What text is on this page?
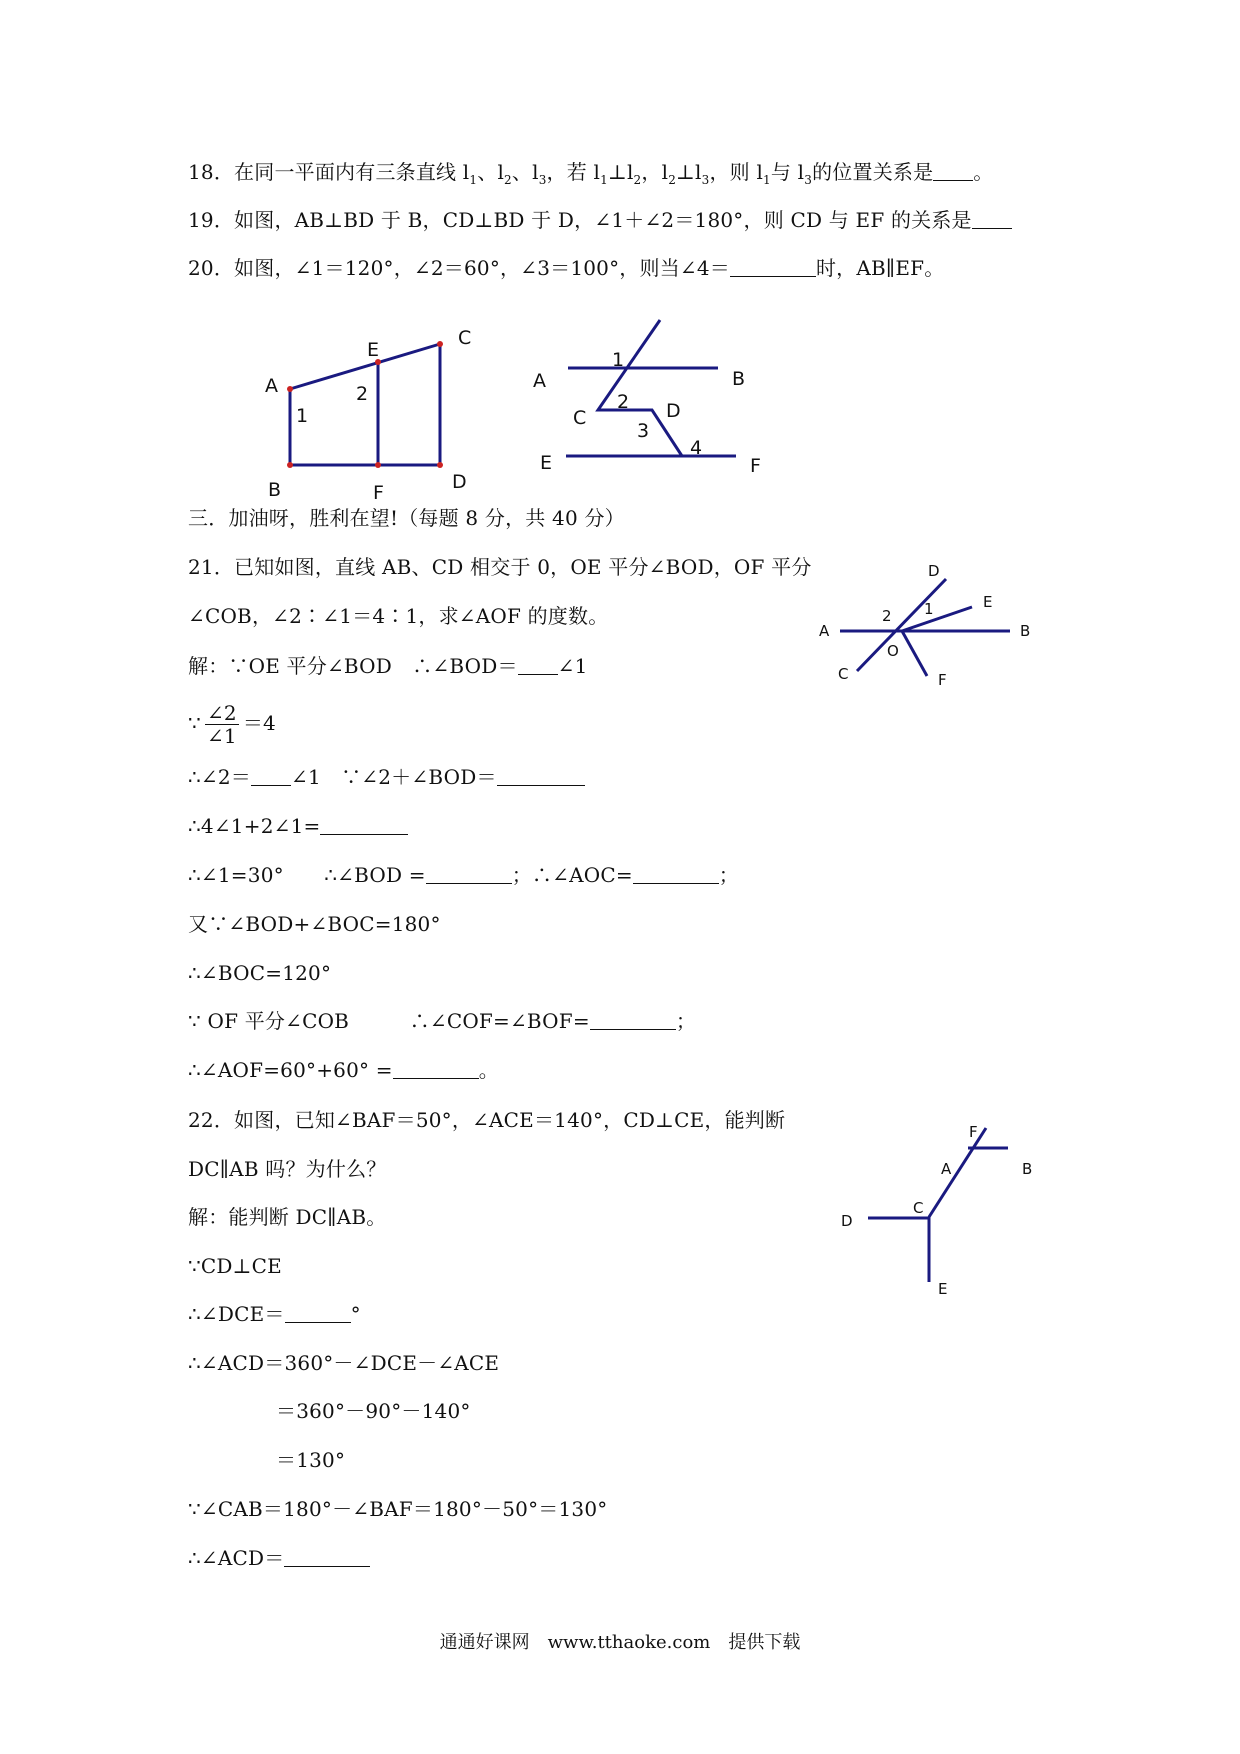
18．在同一平面内有三条直线 $l_1$、$l_2$、$l_3$，若 $l_1\perp l_2$，$l_2\perp l_3$，则 $l_1$与 $l_3$的位置关系是 。
19．如图，AB⊥BD 于 B，CD⊥BD 于 D，∠1＋∠2＝180°，则 CD 与 EF 的关系是
20．如图，∠1＝120°，∠2＝60°，∠3＝100°，则当∠4＝	时，AB∥EF。
A
B
C
D
E
F
1
2
A	B
C	D
E	F
1
2
3
4
三．加油呀，胜利在望!（每题 8 分，共 40 分）
21．已知如图，直线 AB、CD 相交于 0，OE 平分∠BOD，OF 平分
∠COB，∠2∶∠1＝4∶1，求∠AOF 的度数。
解：∵OE 平分∠BOD　∴∠BOD＝ ∠1
∵ $\frac{\angle 2}{\angle 1} =4$
∴∠2＝ ∠1　∵∠2＋∠BOD＝
∴4∠1+2∠1=
∴∠1=30°　　∴∠BOD =	；∴∠AOC=	；
又∵∠BOD+∠BOC=180°
∴∠BOC=120°
∵ OF 平分∠COB　　　∴∠COF=∠BOF=	；
∴∠AOF=60°+60° =	。
A	B
C
D
E
F
O
1
2
22．如图，已知∠BAF＝50°，∠ACE＝140°，CD⊥CE，能判断
DC∥AB 吗？为什么？
解：能判断 DC∥AB。
∵CD⊥CE
∴∠DCE＝	°
∴∠ACD＝360°－∠DCE－∠ACE
＝360°－90°－140°
＝130°
∵∠CAB＝180°－∠BAF＝180°－50°＝130°
∴∠ACD＝
A	B
C
D
E
F
通通好课网　www.tthaoke.com　提供下载
